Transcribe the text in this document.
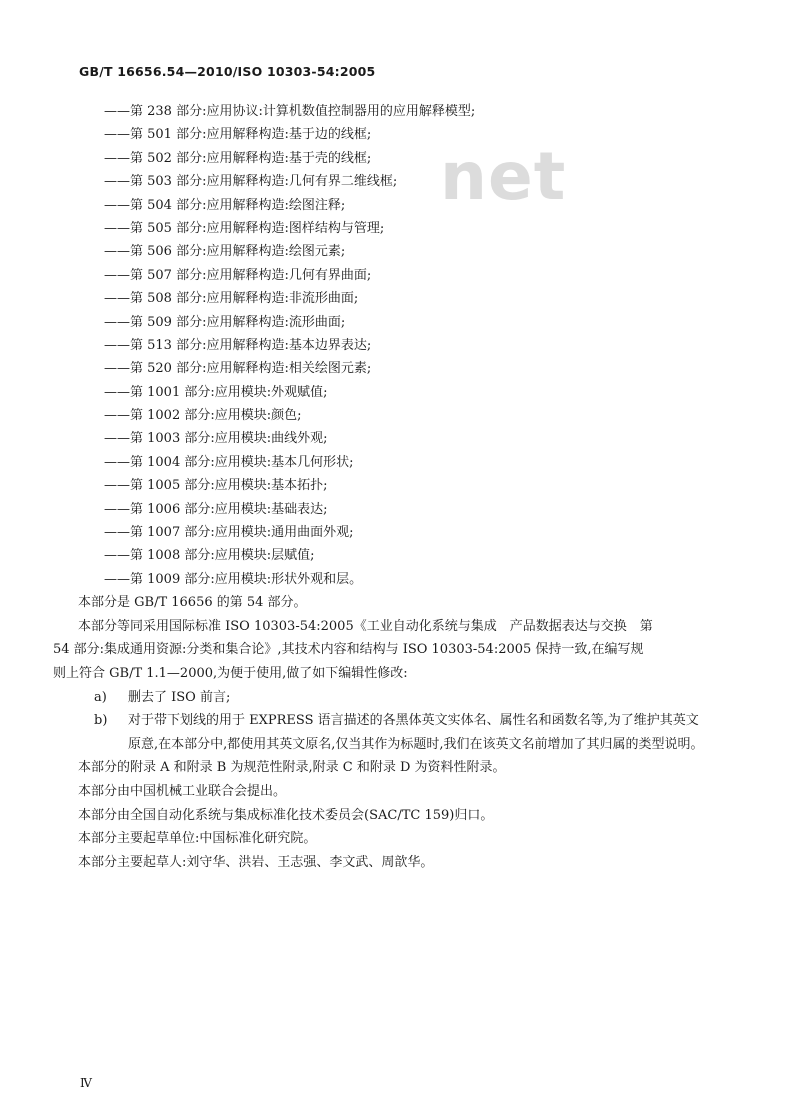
net
GB/T 16656.54—2010/ISO 10303-54:2005
——第 238 部分:应用协议:计算机数值控制器用的应用解释模型;
——第 501 部分:应用解释构造:基于边的线框;
——第 502 部分:应用解释构造:基于壳的线框;
——第 503 部分:应用解释构造:几何有界二维线框;
——第 504 部分:应用解释构造:绘图注释;
——第 505 部分:应用解释构造:图样结构与管理;
——第 506 部分:应用解释构造:绘图元素;
——第 507 部分:应用解释构造:几何有界曲面;
——第 508 部分:应用解释构造:非流形曲面;
——第 509 部分:应用解释构造:流形曲面;
——第 513 部分:应用解释构造:基本边界表达;
——第 520 部分:应用解释构造:相关绘图元素;
——第 1001 部分:应用模块:外观赋值;
——第 1002 部分:应用模块:颜色;
——第 1003 部分:应用模块:曲线外观;
——第 1004 部分:应用模块:基本几何形状;
——第 1005 部分:应用模块:基本拓扑;
——第 1006 部分:应用模块:基础表达;
——第 1007 部分:应用模块:通用曲面外观;
——第 1008 部分:应用模块:层赋值;
——第 1009 部分:应用模块:形状外观和层。

本部分是 GB/T 16656 的第 54 部分。

本部分等同采用国际标准 ISO 10303-54:2005《工业自动化系统与集成　产品数据表达与交换　第
54 部分:集成通用资源:分类和集合论》,其技术内容和结构与 ISO 10303-54:2005 保持一致,在编写规
则上符合 GB/T 1.1—2000,为便于使用,做了如下编辑性修改:
a) 删去了 ISO 前言;
b) 对于带下划线的用于 EXPRESS 语言描述的各黑体英文实体名、属性名和函数名等,为了维护其英文原意,在本部分中,都使用其英文原名,仅当其作为标题时,我们在该英文名前增加了其归属的类型说明。

本部分的附录 A 和附录 B 为规范性附录,附录 C 和附录 D 为资料性附录。

本部分由中国机械工业联合会提出。

本部分由全国自动化系统与集成标准化技术委员会(SAC/TC 159)归口。

本部分主要起草单位:中国标准化研究院。

本部分主要起草人:刘守华、洪岩、王志强、李文武、周歆华。

Ⅳ
